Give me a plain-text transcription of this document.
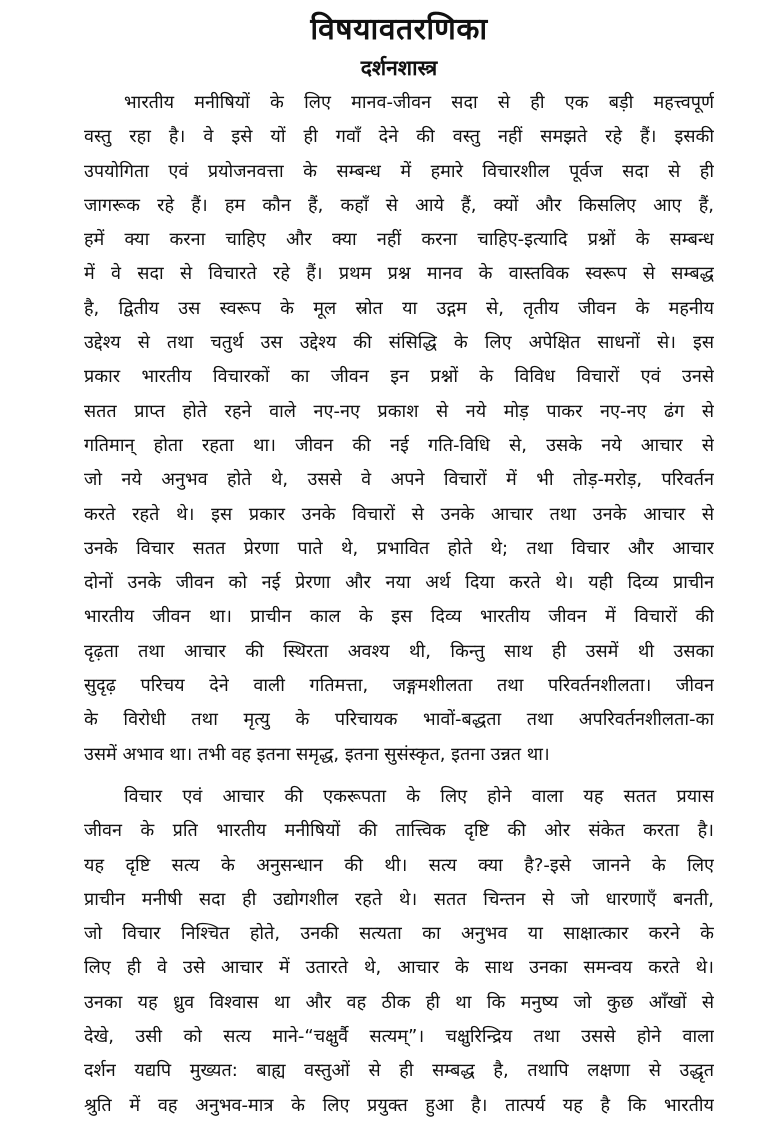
विषयावतरणिका
दर्शनशास्त्र
भारतीय मनीषियों के लिए मानव-जीवन सदा से ही एक बड़ी महत्त्वपूर्ण
वस्तु रहा है। वे इसे यों ही गवाँ देने की वस्तु नहीं समझते रहे हैं। इसकी
उपयोगिता एवं प्रयोजनवत्ता के सम्बन्ध में हमारे विचारशील पूर्वज सदा से ही
जागरूक रहे हैं। हम कौन हैं, कहाँ से आये हैं, क्यों और किसलिए आए हैं,
हमें क्या करना चाहिए और क्या नहीं करना चाहिए-इत्यादि प्रश्नों के सम्बन्ध
में वे सदा से विचारते रहे हैं। प्रथम प्रश्न मानव के वास्तविक स्वरूप से सम्बद्ध
है, द्वितीय उस स्वरूप के मूल स्रोत या उद्गम से, तृतीय जीवन के महनीय
उद्देश्य से तथा चतुर्थ उस उद्देश्य की संसिद्धि के लिए अपेक्षित साधनों से। इस
प्रकार भारतीय विचारकों का जीवन इन प्रश्नों के विविध विचारों एवं उनसे
सतत प्राप्त होते रहने वाले नए-नए प्रकाश से नये मोड़ पाकर नए-नए ढंग से
गतिमान् होता रहता था। जीवन की नई गति-विधि से, उसके नये आचार से
जो नये अनुभव होते थे, उससे वे अपने विचारों में भी तोड़-मरोड़, परिवर्तन
करते रहते थे। इस प्रकार उनके विचारों से उनके आचार तथा उनके आचार से
उनके विचार सतत प्रेरणा पाते थे, प्रभावित होते थे; तथा विचार और आचार
दोनों उनके जीवन को नई प्रेरणा और नया अर्थ दिया करते थे। यही दिव्य प्राचीन
भारतीय जीवन था। प्राचीन काल के इस दिव्य भारतीय जीवन में विचारों की
दृढ़ता तथा आचार की स्थिरता अवश्य थी, किन्तु साथ ही उसमें थी उसका
सुदृढ़ परिचय देने वाली गतिमत्ता, जङ्गमशीलता तथा परिवर्तनशीलता। जीवन
के विरोधी तथा मृत्यु के परिचायक भावों-बद्धता तथा अपरिवर्तनशीलता-का
उसमें अभाव था। तभी वह इतना समृद्ध, इतना सुसंस्कृत, इतना उन्नत था।
विचार एवं आचार की एकरूपता के लिए होने वाला यह सतत प्रयास
जीवन के प्रति भारतीय मनीषियों की तात्त्विक दृष्टि की ओर संकेत करता है।
यह दृष्टि सत्य के अनुसन्धान की थी। सत्य क्या है?-इसे जानने के लिए
प्राचीन मनीषी सदा ही उद्योगशील रहते थे। सतत चिन्तन से जो धारणाएँ बनती,
जो विचार निश्चित होते, उनकी सत्यता का अनुभव या साक्षात्कार करने के
लिए ही वे उसे आचार में उतारते थे, आचार के साथ उनका समन्वय करते थे।
उनका यह ध्रुव विश्वास था और वह ठीक ही था कि मनुष्य जो कुछ आँखों से
देखे, उसी को सत्य माने-“चक्षुर्वै सत्यम्”। चक्षुरिन्द्रिय तथा उससे होने वाला
दर्शन यद्यपि मुख्यत: बाह्य वस्तुओं से ही सम्बद्ध है, तथापि लक्षणा से उद्धृत
श्रुति में वह अनुभव-मात्र के लिए प्रयुक्त हुआ है। तात्पर्य यह है कि भारतीय
